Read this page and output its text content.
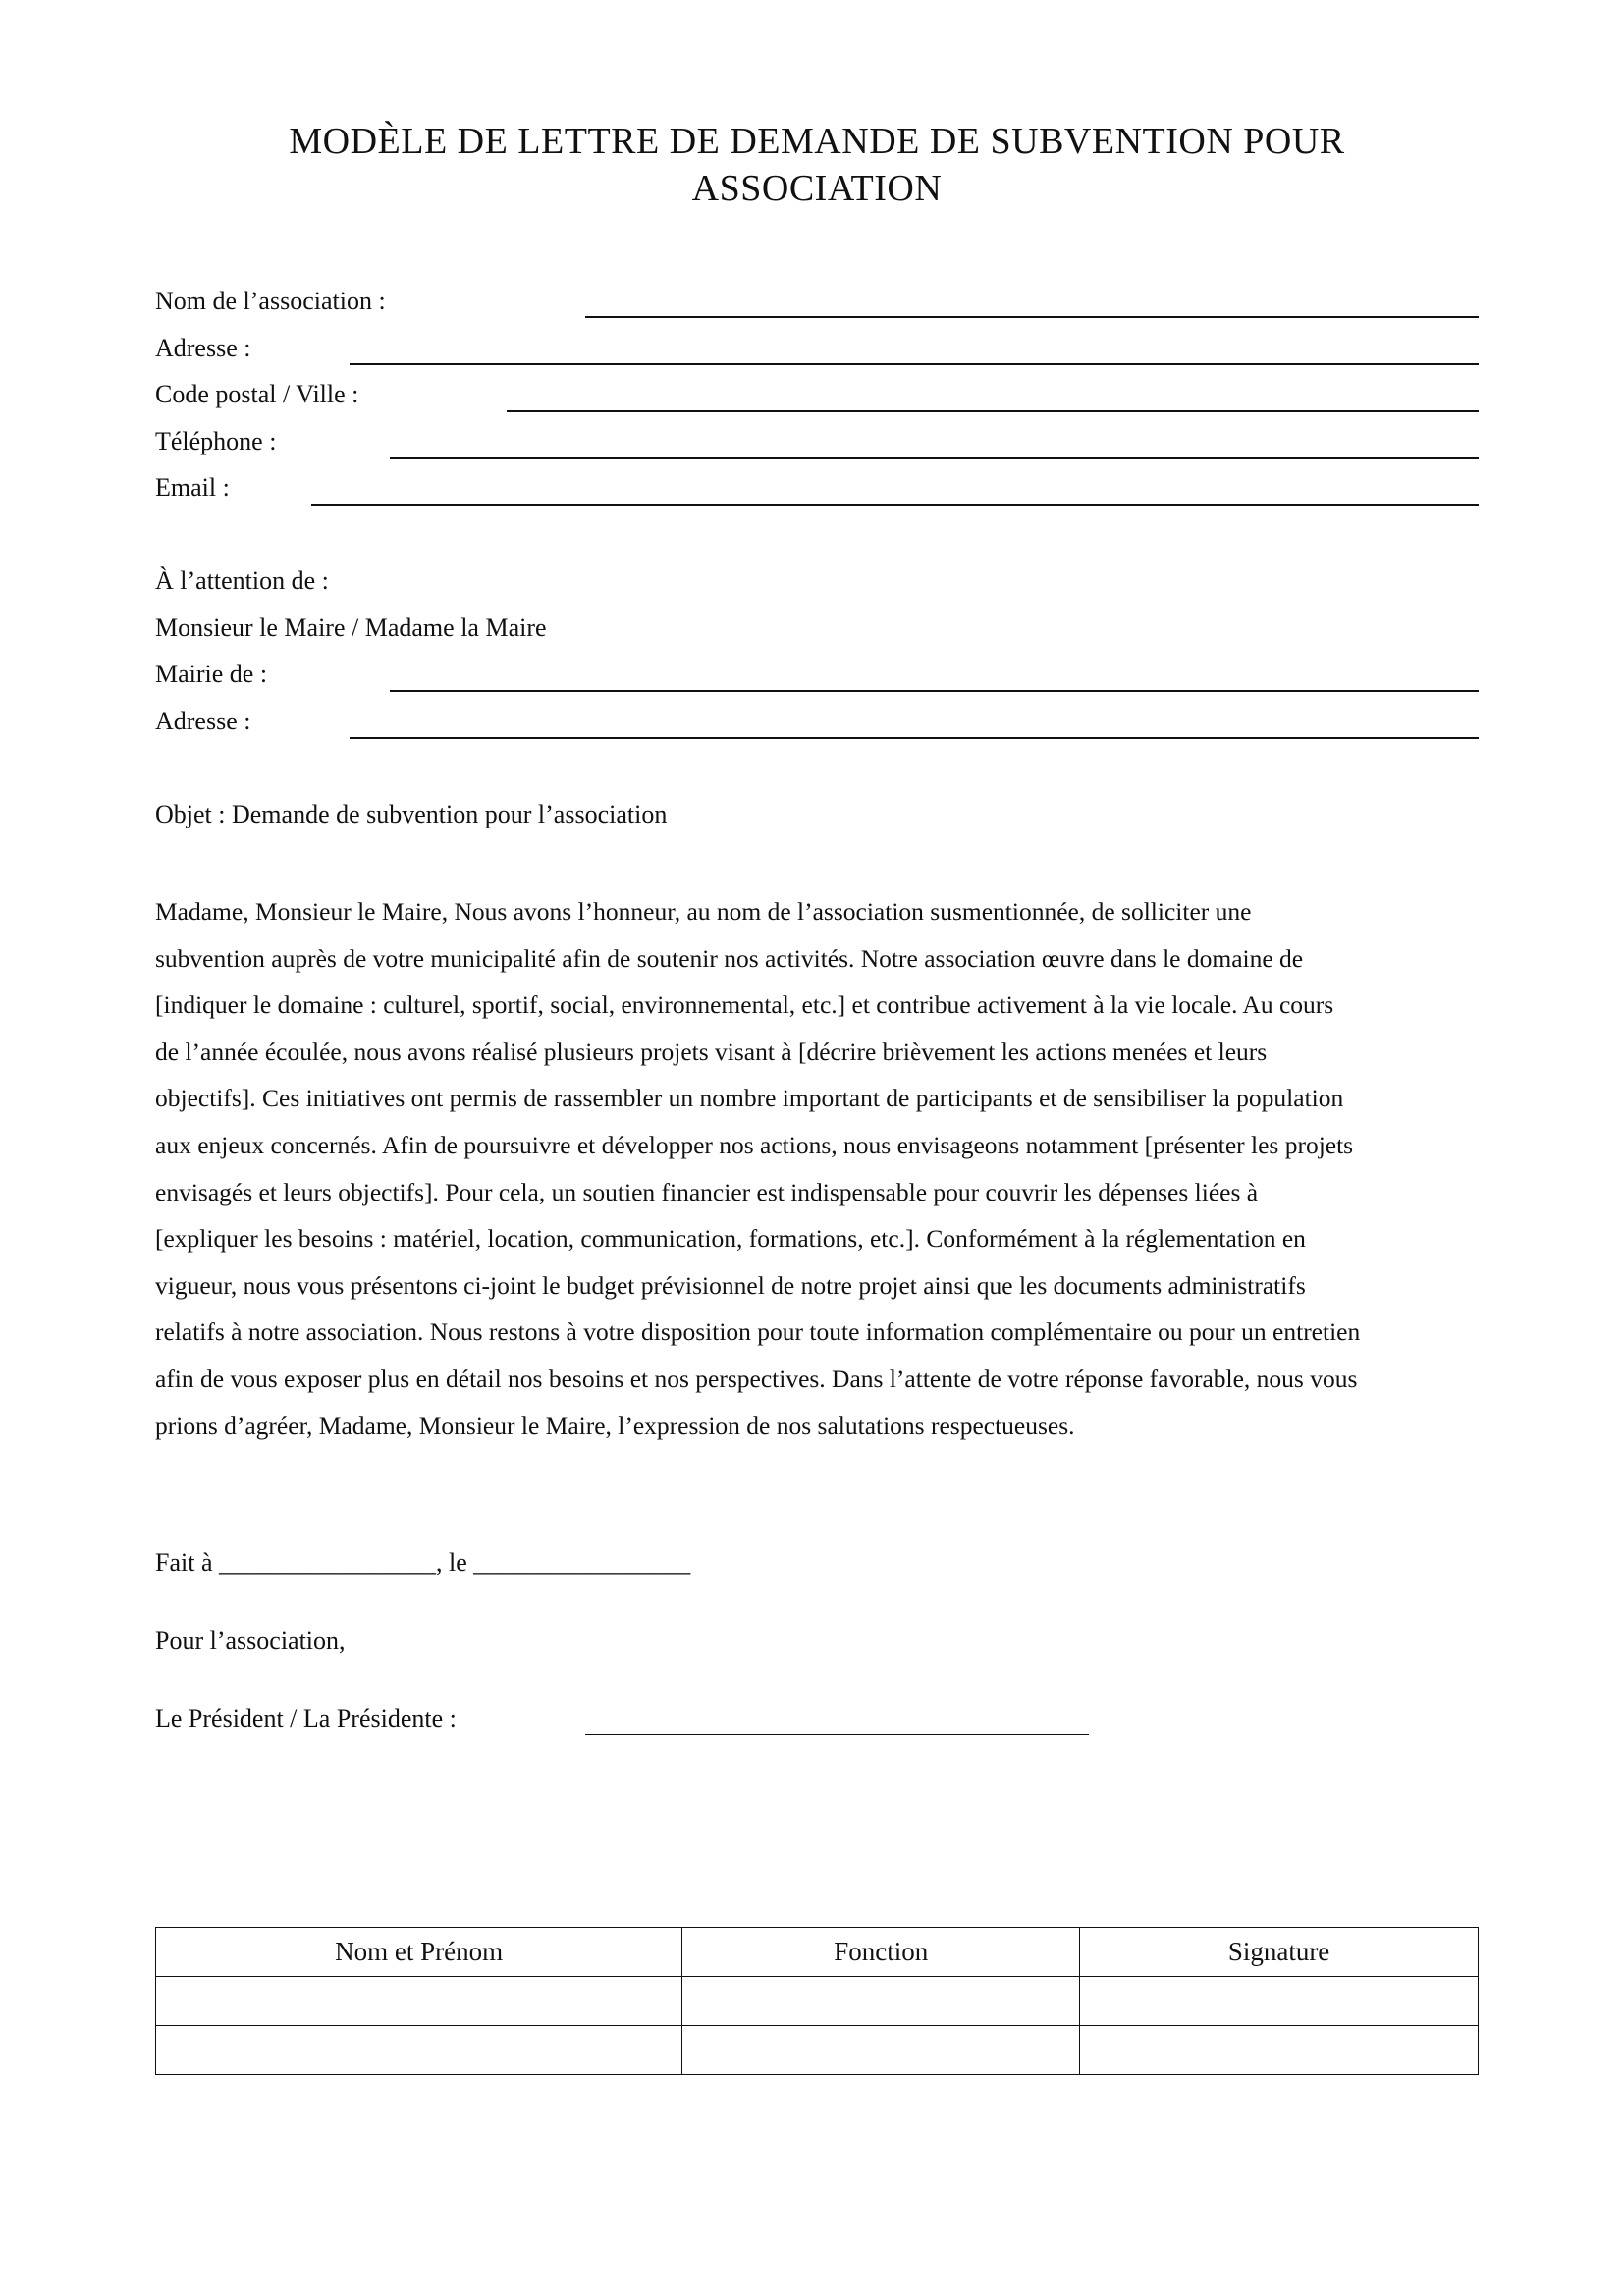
MODÈLE DE LETTRE DE DEMANDE DE SUBVENTION POUR
ASSOCIATION
Nom de l’association :
Adresse :
Code postal / Ville :
Téléphone :
Email :
À l’attention de :
Monsieur le Maire / Madame la Maire
Mairie de :
Adresse :
Objet : Demande de subvention pour l’association
Madame, Monsieur le Maire, Nous avons l’honneur, au nom de l’association susmentionnée, de solliciter une
subvention auprès de votre municipalité afin de soutenir nos activités. Notre association œuvre dans le domaine de
[indiquer le domaine : culturel, sportif, social, environnemental, etc.] et contribue activement à la vie locale. Au cours
de l’année écoulée, nous avons réalisé plusieurs projets visant à [décrire brièvement les actions menées et leurs
objectifs]. Ces initiatives ont permis de rassembler un nombre important de participants et de sensibiliser la population
aux enjeux concernés. Afin de poursuivre et développer nos actions, nous envisageons notamment [présenter les projets
envisagés et leurs objectifs]. Pour cela, un soutien financier est indispensable pour couvrir les dépenses liées à
[expliquer les besoins : matériel, location, communication, formations, etc.]. Conformément à la réglementation en
vigueur, nous vous présentons ci-joint le budget prévisionnel de notre projet ainsi que les documents administratifs
relatifs à notre association. Nous restons à votre disposition pour toute information complémentaire ou pour un entretien
afin de vous exposer plus en détail nos besoins et nos perspectives. Dans l’attente de votre réponse favorable, nous vous
prions d’agréer, Madame, Monsieur le Maire, l’expression de nos salutations respectueuses.
Fait à _________________, le _________________
Pour l’association,
Le Président / La Présidente :
Nom et Prénom	Fonction	Signature
